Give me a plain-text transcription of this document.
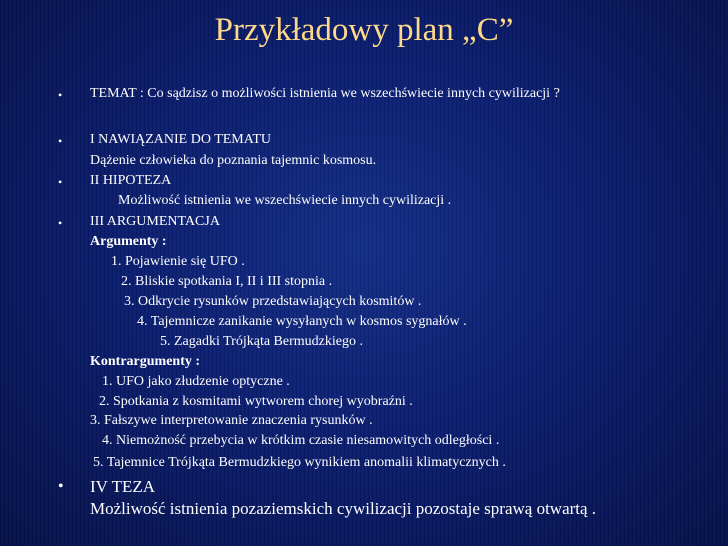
Przykładowy plan „C”
• TEMAT : Co sądzisz o możliwości istnienia we wszechświecie innych cywilizacji ?
• I NAWIĄZANIE DO TEMATU
Dążenie człowieka do poznania tajemnic kosmosu.
• II HIPOTEZA
Możliwość istnienia we wszechświecie innych cywilizacji .
• III ARGUMENTACJA
Argumenty :
1. Pojawienie się UFO .
2. Bliskie spotkania I, II i III stopnia .
3. Odkrycie rysunków przedstawiających kosmitów .
4. Tajemnicze zanikanie wysyłanych w kosmos sygnałów .
5. Zagadki Trójkąta Bermudzkiego .
Kontrargumenty :
1. UFO jako złudzenie optyczne .
2. Spotkania z kosmitami wytworem chorej wyobraźni .
3. Fałszywe interpretowanie znaczenia rysunków .
4. Niemożność przebycia w krótkim czasie niesamowitych odległości .
5. Tajemnice Trójkąta Bermudzkiego wynikiem anomalii klimatycznych .
• IV TEZA
Możliwość istnienia pozaziemskich cywilizacji pozostaje sprawą otwartą .
